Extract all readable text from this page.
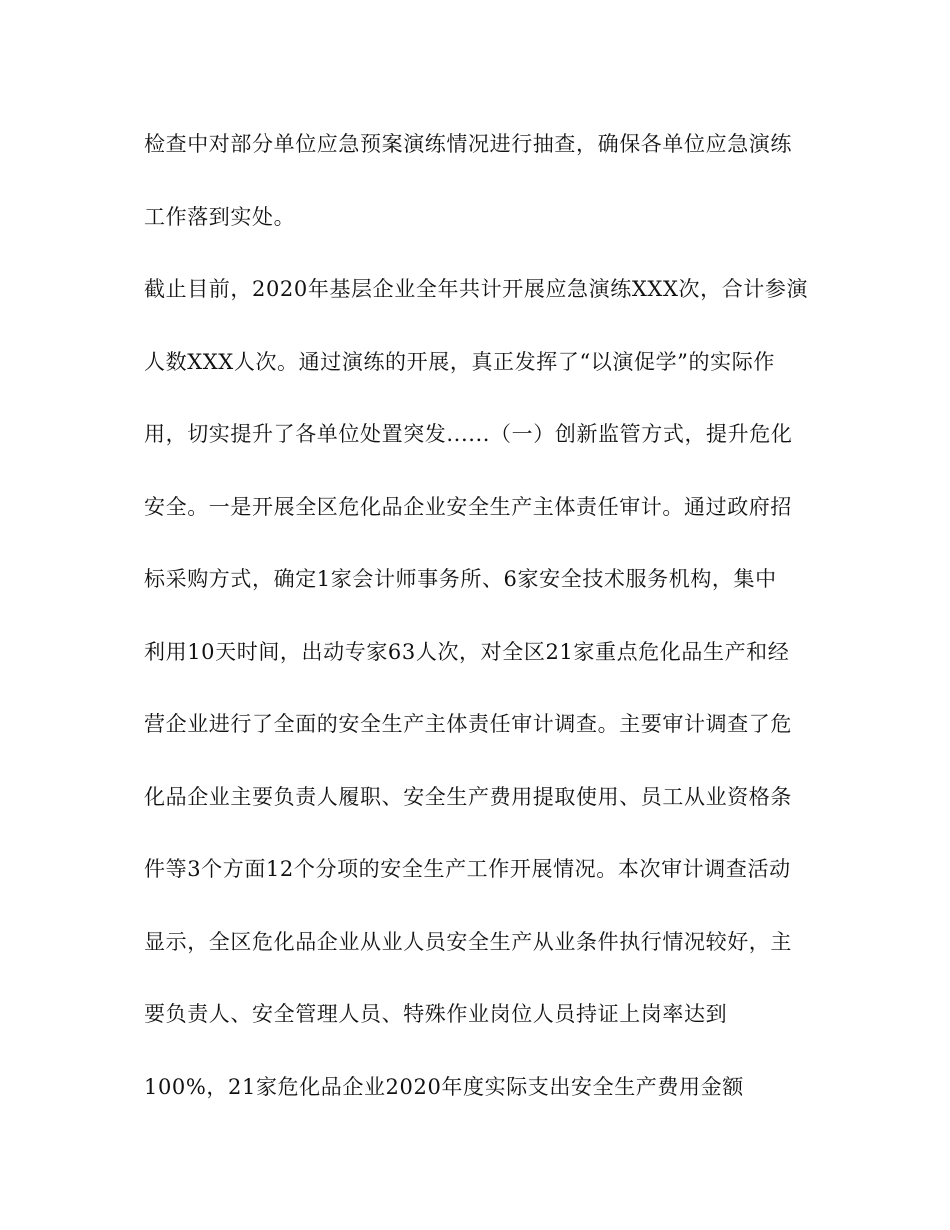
检查中对部分单位应急预案演练情况进行抽查，确保各单位应急演练
工作落到实处。
截止目前，2020年基层企业全年共计开展应急演练XXX次，合计参演
人数XXX人次。通过演练的开展，真正发挥了“以演促学”的实际作
用，切实提升了各单位处置突发......（一）创新监管方式，提升危化
安全。一是开展全区危化品企业安全生产主体责任审计。通过政府招
标采购方式，确定1家会计师事务所、6家安全技术服务机构，集中
利用10天时间，出动专家63人次，对全区21家重点危化品生产和经
营企业进行了全面的安全生产主体责任审计调查。主要审计调查了危
化品企业主要负责人履职、安全生产费用提取使用、员工从业资格条
件等3个方面12个分项的安全生产工作开展情况。本次审计调查活动
显示，全区危化品企业从业人员安全生产从业条件执行情况较好，主
要负责人、安全管理人员、特殊作业岗位人员持证上岗率达到
100%，21家危化品企业2020年度实际支出安全生产费用金额
